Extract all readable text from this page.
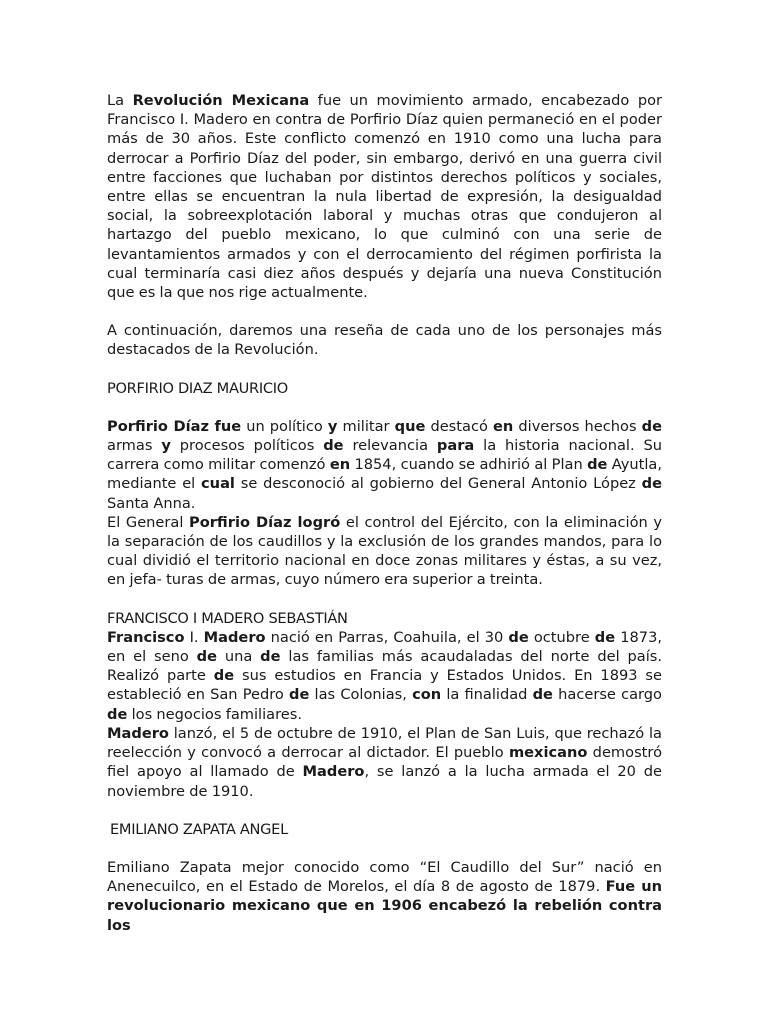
La Revolución Mexicana fue un movimiento armado, encabezado por Francisco I. Madero en contra de Porfirio Díaz quien permaneció en el poder más de 30 años. Este conflicto comenzó en 1910 como una lucha para derrocar a Porfirio Díaz del poder, sin embargo, derivó en una guerra civil entre facciones que luchaban por distintos derechos políticos y sociales, entre ellas se encuentran la nula libertad de expresión, la desigualdad social, la sobreexplotación laboral y muchas otras que condujeron al hartazgo del pueblo mexicano, lo que culminó con una serie de levantamientos armados y con el derrocamiento del régimen porfirista la cual terminaría casi diez años después y dejaría una nueva Constitución que es la que nos rige actualmente.

A continuación, daremos una reseña de cada uno de los personajes más destacados de la Revolución.

PORFIRIO DIAZ MAURICIO

Porfirio Díaz fue un político y militar que destacó en diversos hechos de armas y procesos políticos de relevancia para la historia nacional. Su carrera como militar comenzó en 1854, cuando se adhirió al Plan de Ayutla, mediante el cual se desconoció al gobierno del General Antonio López de Santa Anna.

El General Porfirio Díaz logró el control del Ejército, con la eliminación y la separación de los caudillos y la exclusión de los grandes mandos, para lo cual dividió el territorio nacional en doce zonas militares y éstas, a su vez, en jefa- turas de armas, cuyo número era superior a treinta.

FRANCISCO I MADERO SEBASTIÁN

Francisco I. Madero nació en Parras, Coahuila, el 30 de octubre de 1873, en el seno de una de las familias más acaudaladas del norte del país. Realizó parte de sus estudios en Francia y Estados Unidos. En 1893 se estableció en San Pedro de las Colonias, con la finalidad de hacerse cargo de los negocios familiares.

Madero lanzó, el 5 de octubre de 1910, el Plan de San Luis, que rechazó la reelección y convocó a derrocar al dictador. El pueblo mexicano demostró fiel apoyo al llamado de Madero, se lanzó a la lucha armada el 20 de noviembre de 1910.

EMILIANO ZAPATA ANGEL

Emiliano Zapata mejor conocido como “El Caudillo del Sur” nació en Anenecuilco, en el Estado de Morelos, el día 8 de agosto de 1879. Fue un revolucionario mexicano que en 1906 encabezó la rebelión contra los
